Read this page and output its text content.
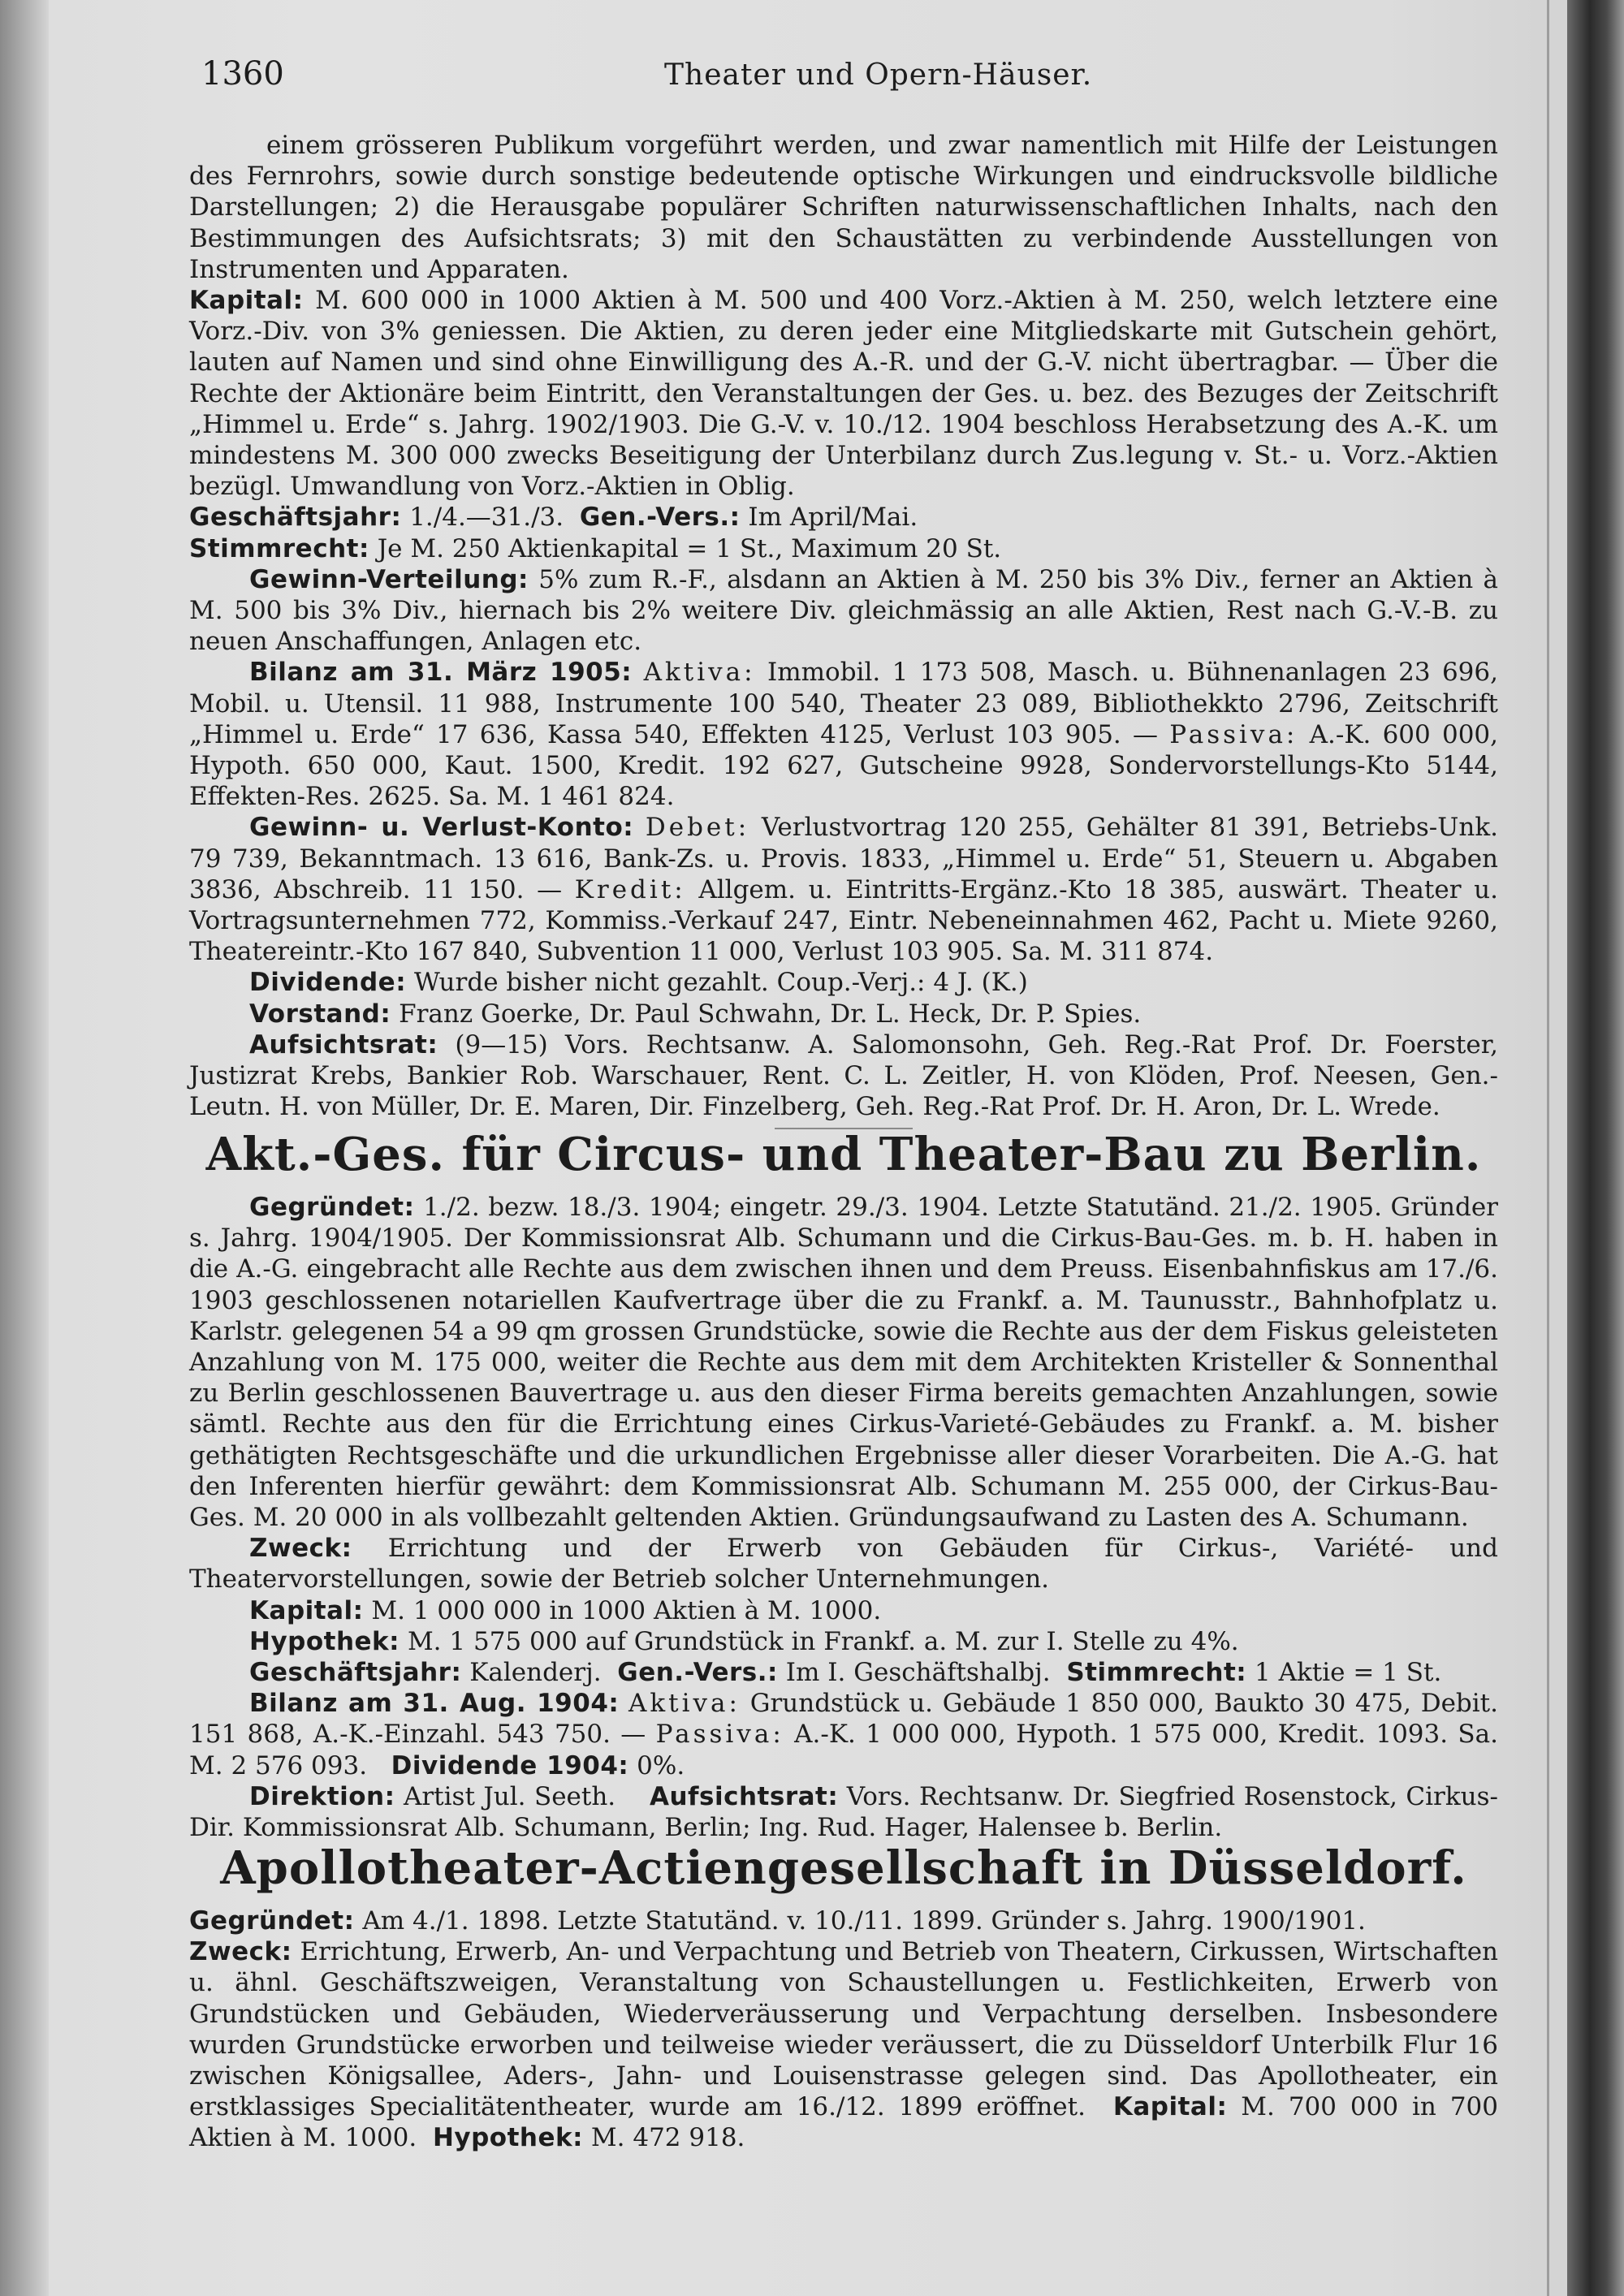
1360	Theater und Opern-Häuser.

einem grösseren Publikum vorgeführt werden, und zwar namentlich mit Hilfe der Leistungen des Fernrohrs, sowie durch sonstige bedeutende optische Wirkungen und eindrucksvolle bildliche Darstellungen; 2) die Herausgabe populärer Schriften naturwissenschaftlichen Inhalts, nach den Bestimmungen des Aufsichtsrats; 3) mit den Schaustätten zu verbindende Ausstellungen von Instrumenten und Apparaten.

Kapital: M. 600 000 in 1000 Aktien à M. 500 und 400 Vorz.-Aktien à M. 250, welch letztere eine Vorz.-Div. von 3% geniessen. Die Aktien, zu deren jeder eine Mitgliedskarte mit Gutschein gehört, lauten auf Namen und sind ohne Einwilligung des A.-R. und der G.-V. nicht übertragbar. — Über die Rechte der Aktionäre beim Eintritt, den Veranstaltungen der Ges. u. bez. des Bezuges der Zeitschrift „Himmel u. Erde“ s. Jahrg. 1902/1903. Die G.-V. v. 10./12. 1904 beschloss Herabsetzung des A.-K. um mindestens M. 300 000 zwecks Beseitigung der Unterbilanz durch Zus.legung v. St.- u. Vorz.-Aktien bezügl. Umwandlung von Vorz.-Aktien in Oblig.

Geschäftsjahr: 1./4.—31./3. Gen.-Vers.: Im April/Mai.

Stimmrecht: Je M. 250 Aktienkapital = 1 St., Maximum 20 St.

Gewinn-Verteilung: 5% zum R.-F., alsdann an Aktien à M. 250 bis 3% Div., ferner an Aktien à M. 500 bis 3% Div., hiernach bis 2% weitere Div. gleichmässig an alle Aktien, Rest nach G.-V.-B. zu neuen Anschaffungen, Anlagen etc.

Bilanz am 31. März 1905: Aktiva: Immobil. 1 173 508, Masch. u. Bühnenanlagen 23 696, Mobil. u. Utensil. 11 988, Instrumente 100 540, Theater 23 089, Bibliothekkto 2796, Zeitschrift „Himmel u. Erde“ 17 636, Kassa 540, Effekten 4125, Verlust 103 905. — Passiva: A.-K. 600 000, Hypoth. 650 000, Kaut. 1500, Kredit. 192 627, Gutscheine 9928, Sondervorstellungs-Kto 5144, Effekten-Res. 2625. Sa. M. 1 461 824.

Gewinn- u. Verlust-Konto: Debet: Verlustvortrag 120 255, Gehälter 81 391, Betriebs-Unk. 79 739, Bekanntmach. 13 616, Bank-Zs. u. Provis. 1833, „Himmel u. Erde“ 51, Steuern u. Abgaben 3836, Abschreib. 11 150. — Kredit: Allgem. u. Eintritts-Ergänz.-Kto 18 385, auswärt. Theater u. Vortragsunternehmen 772, Kommiss.-Verkauf 247, Eintr. Nebeneinnahmen 462, Pacht u. Miete 9260, Theatereintr.-Kto 167 840, Subvention 11 000, Verlust 103 905. Sa. M. 311 874.

Dividende: Wurde bisher nicht gezahlt. Coup.-Verj.: 4 J. (K.)

Vorstand: Franz Goerke, Dr. Paul Schwahn, Dr. L. Heck, Dr. P. Spies.

Aufsichtsrat: (9—15) Vors. Rechtsanw. A. Salomonsohn, Geh. Reg.-Rat Prof. Dr. Foerster, Justizrat Krebs, Bankier Rob. Warschauer, Rent. C. L. Zeitler, H. von Klöden, Prof. Neesen, Gen.-Leutn. H. von Müller, Dr. E. Maren, Dir. Finzelberg, Geh. Reg.-Rat Prof. Dr. H. Aron, Dr. L. Wrede.

Akt.-Ges. für Circus- und Theater-Bau zu Berlin.

Gegründet: 1./2. bezw. 18./3. 1904; eingetr. 29./3. 1904. Letzte Statutänd. 21./2. 1905. Gründer s. Jahrg. 1904/1905. Der Kommissionsrat Alb. Schumann und die Cirkus-Bau-Ges. m. b. H. haben in die A.-G. eingebracht alle Rechte aus dem zwischen ihnen und dem Preuss. Eisenbahnfiskus am 17./6. 1903 geschlossenen notariellen Kaufvertrage über die zu Frankf. a. M. Taunusstr., Bahnhofplatz u. Karlstr. gelegenen 54 a 99 qm grossen Grundstücke, sowie die Rechte aus der dem Fiskus geleisteten Anzahlung von M. 175 000, weiter die Rechte aus dem mit dem Architekten Kristeller & Sonnenthal zu Berlin geschlossenen Bauvertrage u. aus den dieser Firma bereits gemachten Anzahlungen, sowie sämtl. Rechte aus den für die Errichtung eines Cirkus-Varieté-Gebäudes zu Frankf. a. M. bisher gethätigten Rechtsgeschäfte und die urkundlichen Ergebnisse aller dieser Vorarbeiten. Die A.-G. hat den Inferenten hierfür gewährt: dem Kommissionsrat Alb. Schumann M. 255 000, der Cirkus-Bau-Ges. M. 20 000 in als vollbezahlt geltenden Aktien. Gründungsaufwand zu Lasten des A. Schumann.

Zweck: Errichtung und der Erwerb von Gebäuden für Cirkus-, Variété- und Theatervorstellungen, sowie der Betrieb solcher Unternehmungen.

Kapital: M. 1 000 000 in 1000 Aktien à M. 1000.

Hypothek: M. 1 575 000 auf Grundstück in Frankf. a. M. zur I. Stelle zu 4%.

Geschäftsjahr: Kalenderj. Gen.-Vers.: Im I. Geschäftshalbj. Stimmrecht: 1 Aktie = 1 St.

Bilanz am 31. Aug. 1904: Aktiva: Grundstück u. Gebäude 1 850 000, Baukto 30 475, Debit. 151 868, A.-K.-Einzahl. 543 750. — Passiva: A.-K. 1 000 000, Hypoth. 1 575 000, Kredit. 1093. Sa. M. 2 576 093. Dividende 1904: 0%.

Direktion: Artist Jul. Seeth. Aufsichtsrat: Vors. Rechtsanw. Dr. Siegfried Rosenstock, Cirkus-Dir. Kommissionsrat Alb. Schumann, Berlin; Ing. Rud. Hager, Halensee b. Berlin.

Apollotheater-Actiengesellschaft in Düsseldorf.

Gegründet: Am 4./1. 1898. Letzte Statutänd. v. 10./11. 1899. Gründer s. Jahrg. 1900/1901.

Zweck: Errichtung, Erwerb, An- und Verpachtung und Betrieb von Theatern, Cirkussen, Wirtschaften u. ähnl. Geschäftszweigen, Veranstaltung von Schaustellungen u. Festlichkeiten, Erwerb von Grundstücken und Gebäuden, Wiederveräusserung und Verpachtung derselben. Insbesondere wurden Grundstücke erworben und teilweise wieder veräussert, die zu Düsseldorf Unterbilk Flur 16 zwischen Königsallee, Aders-, Jahn- und Louisenstrasse gelegen sind. Das Apollotheater, ein erstklassiges Specialitätentheater, wurde am 16./12. 1899 eröffnet. Kapital: M. 700 000 in 700 Aktien à M. 1000. Hypothek: M. 472 918.
